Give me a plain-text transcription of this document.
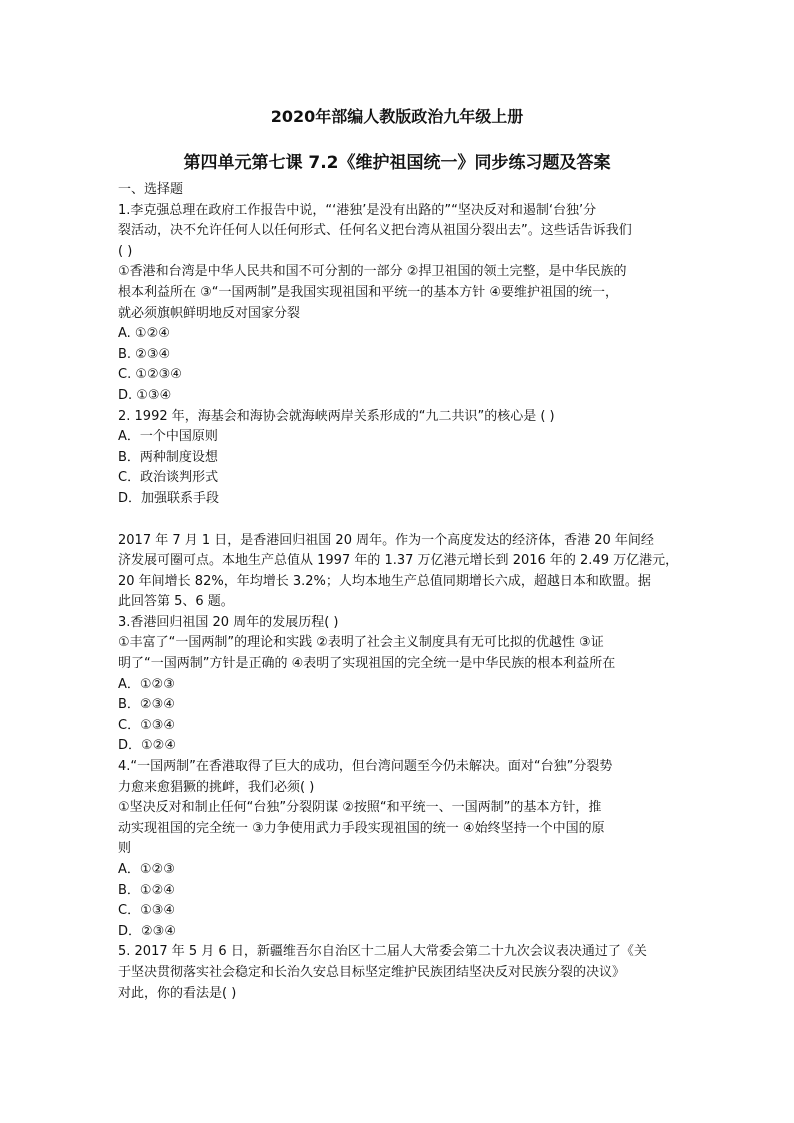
2020年部编人教版政治九年级上册
第四单元第七课 7.2《维护祖国统一》同步练习题及答案
一、选择题
1.李克强总理在政府工作报告中说，“‘港独’是没有出路的”“坚决反对和遏制‘台独’分
裂活动，决不允许任何人以任何形式、任何名义把台湾从祖国分裂出去”。这些话告诉我们
( )
①香港和台湾是中华人民共和国不可分割的一部分 ②捍卫祖国的领土完整，是中华民族的
根本利益所在 ③“一国两制”是我国实现祖国和平统一的基本方针 ④要维护祖国的统一，
就必须旗帜鲜明地反对国家分裂
A. ①②④
B. ②③④
C. ①②③④
D. ①③④
2. 1992 年，海基会和海协会就海峡两岸关系形成的“九二共识”的核心是 ( )
A．一个中国原则
B．两种制度设想
C．政治谈判形式
D．加强联系手段
2017 年 7 月 1 日，是香港回归祖国 20 周年。作为一个高度发达的经济体，香港 20 年间经
济发展可圈可点。本地生产总值从 1997 年的 1.37 万亿港元增长到 2016 年的 2.49 万亿港元，
20 年间增长 82%，年均增长 3.2%；人均本地生产总值同期增长六成，超越日本和欧盟。据
此回答第 5、6 题。
3.香港回归祖国 20 周年的发展历程( )
①丰富了“一国两制”的理论和实践 ②表明了社会主义制度具有无可比拟的优越性 ③证
明了“一国两制”方针是正确的 ④表明了实现祖国的完全统一是中华民族的根本利益所在
A．①②③
B．②③④
C．①③④
D．①②④
4.“一国两制”在香港取得了巨大的成功，但台湾问题至今仍未解决。面对“台独”分裂势
力愈来愈猖獗的挑衅，我们必须( )
①坚决反对和制止任何“台独”分裂阴谋 ②按照“和平统一、一国两制”的基本方针，推
动实现祖国的完全统一 ③力争使用武力手段实现祖国的统一 ④始终坚持一个中国的原
则
A．①②③
B．①②④
C．①③④
D．②③④
5. 2017 年 5 月 6 日，新疆维吾尔自治区十二届人大常委会第二十九次会议表决通过了《关
于坚决贯彻落实社会稳定和长治久安总目标坚定维护民族团结坚决反对民族分裂的决议》
对此，你的看法是( )
